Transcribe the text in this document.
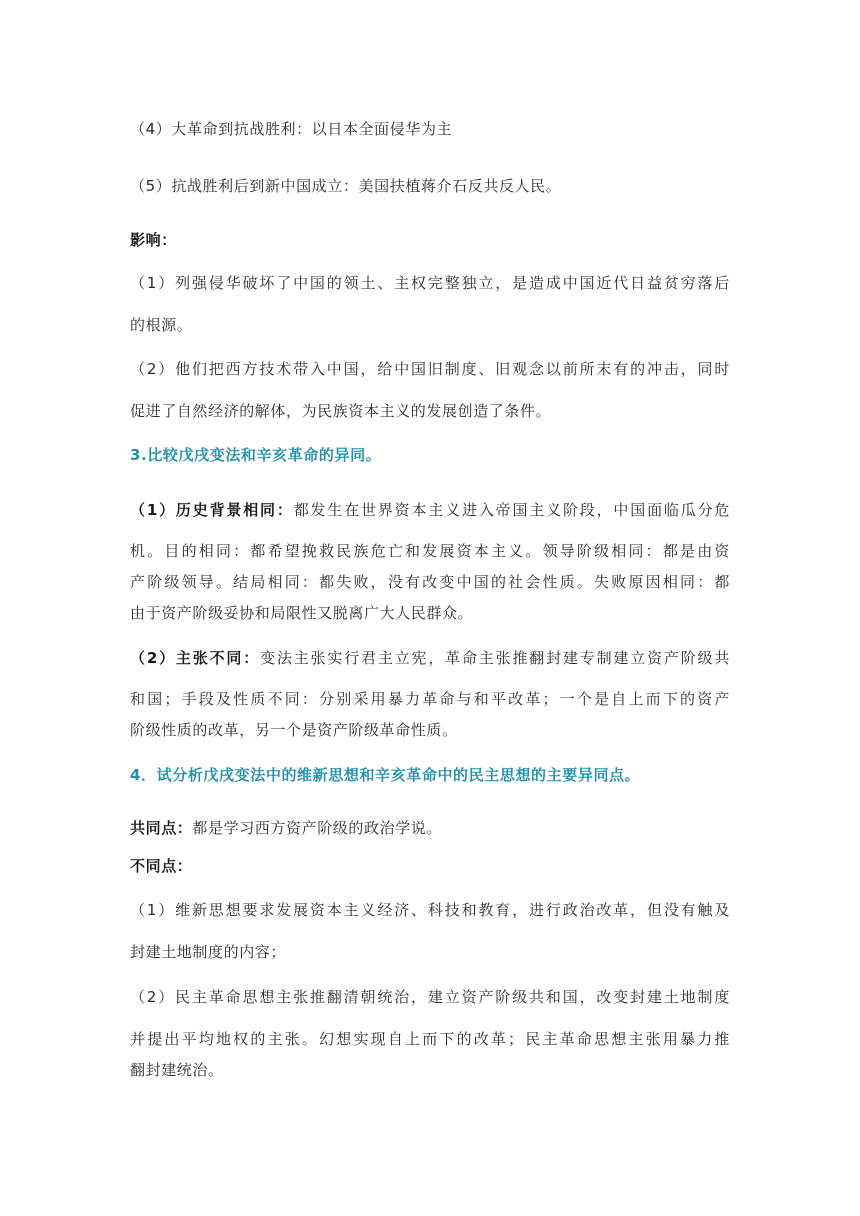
（4）大革命到抗战胜利：以日本全面侵华为主
（5）抗战胜利后到新中国成立：美国扶植蒋介石反共反人民。
影响：
（1）列强侵华破坏了中国的领土、主权完整独立，是造成中国近代日益贫穷落后
的根源。
（2）他们把西方技术带入中国，给中国旧制度、旧观念以前所末有的冲击，同时
促进了自然经济的解体，为民族资本主义的发展创造了条件。
3.比较戊戌变法和辛亥革命的异同。
（1）历史背景相同：都发生在世界资本主义进入帝国主义阶段，中国面临瓜分危
机。目的相同：都希望挽救民族危亡和发展资本主义。领导阶级相同：都是由资
产阶级领导。结局相同：都失败，没有改变中国的社会性质。失败原因相同：都
由于资产阶级妥协和局限性又脱离广大人民群众。
（2）主张不同：变法主张实行君主立宪，革命主张推翻封建专制建立资产阶级共
和国；手段及性质不同：分别采用暴力革命与和平改革；一个是自上而下的资产
阶级性质的改革，另一个是资产阶级革命性质。
4．试分析戊戌变法中的维新思想和辛亥革命中的民主思想的主要异同点。
共同点：都是学习西方资产阶级的政治学说。
不同点：
（1）维新思想要求发展资本主义经济、科技和教育，进行政治改革，但没有触及
封建土地制度的内容；
（2）民主革命思想主张推翻清朝统治，建立资产阶级共和国，改变封建土地制度
并提出平均地权的主张。幻想实现自上而下的改革；民主革命思想主张用暴力推
翻封建统治。
